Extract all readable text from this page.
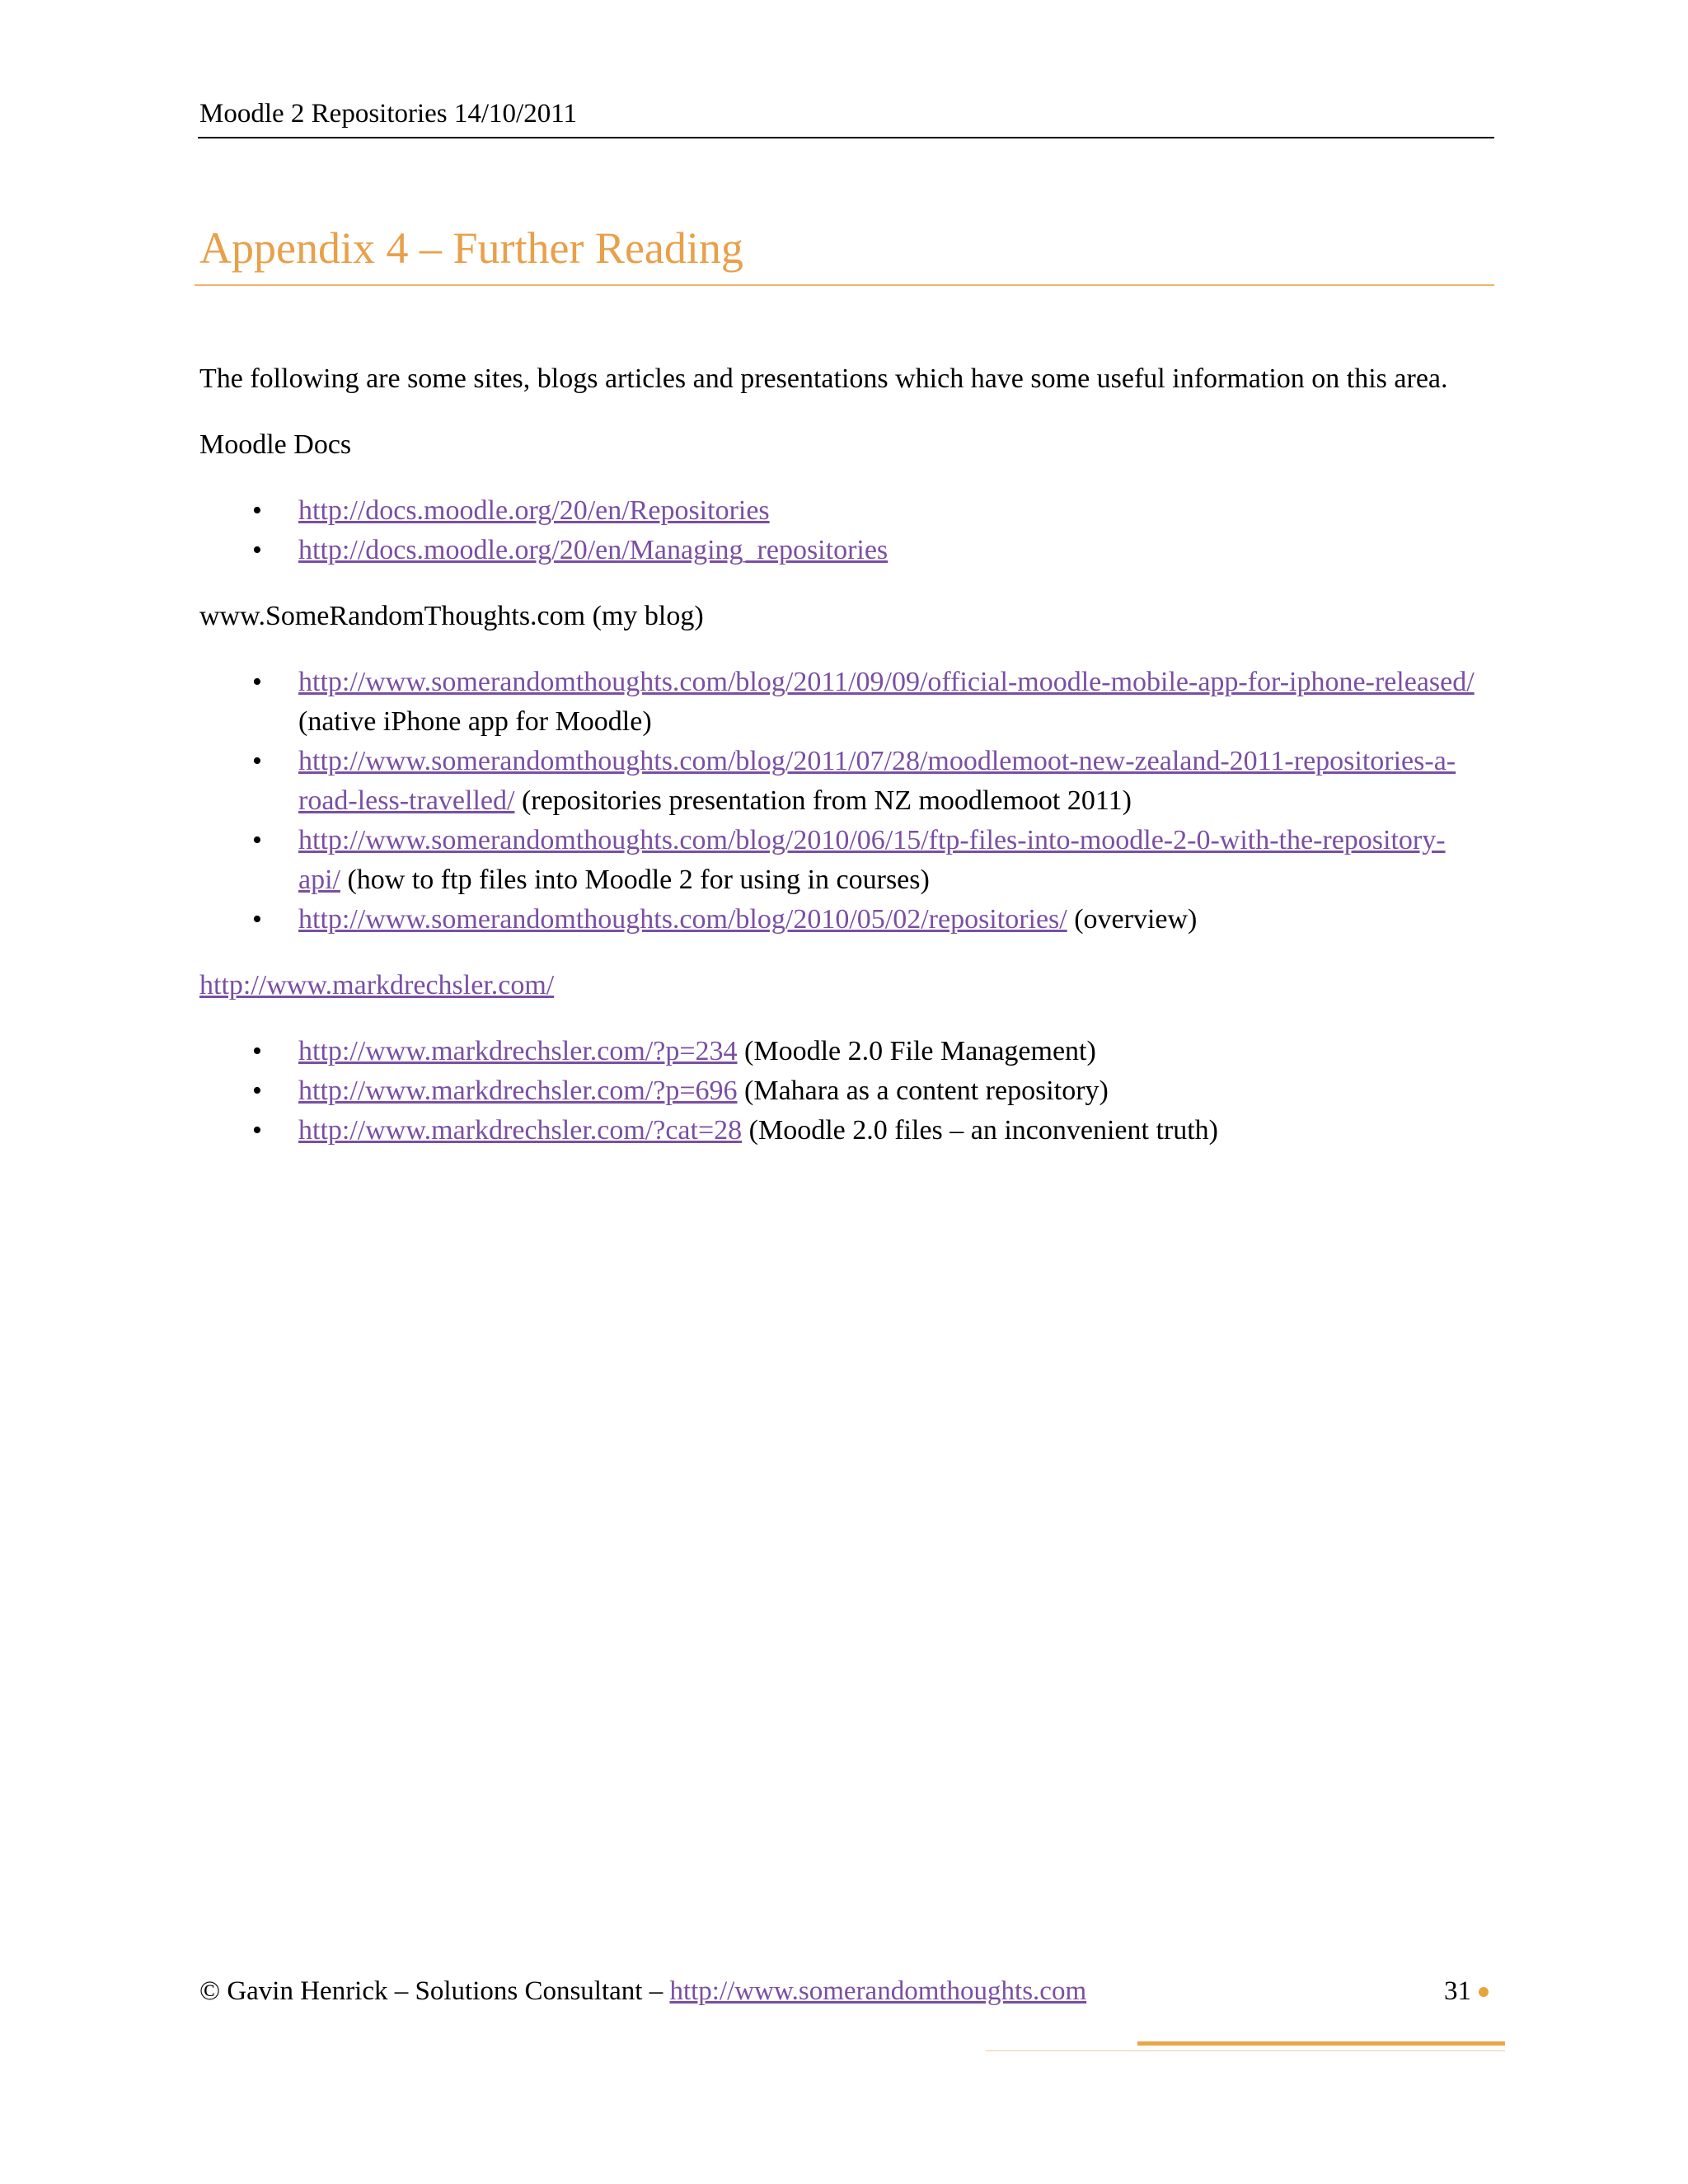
Moodle 2 Repositories 14/10/2011
Appendix 4 – Further Reading

The following are some sites, blogs articles and presentations which have some useful information on this area.

Moodle Docs

• http://docs.moodle.org/20/en/Repositories
• http://docs.moodle.org/20/en/Managing_repositories

www.SomeRandomThoughts.com (my blog)

• http://www.somerandomthoughts.com/blog/2011/09/09/official-moodle-mobile-app-for-iphone-released/ (native iPhone app for Moodle)
• http://www.somerandomthoughts.com/blog/2011/07/28/moodlemoot-new-zealand-2011-repositories-a-road-less-travelled/ (repositories presentation from NZ moodlemoot 2011)
• http://www.somerandomthoughts.com/blog/2010/06/15/ftp-files-into-moodle-2-0-with-the-repository-api/ (how to ftp files into Moodle 2 for using in courses)
• http://www.somerandomthoughts.com/blog/2010/05/02/repositories/ (overview)

http://www.markdrechsler.com/

• http://www.markdrechsler.com/?p=234 (Moodle 2.0 File Management)
• http://www.markdrechsler.com/?p=696 (Mahara as a content repository)
• http://www.markdrechsler.com/?cat=28 (Moodle 2.0 files – an inconvenient truth)
© Gavin Henrick – Solutions Consultant – http://www.somerandomthoughts.com	31
